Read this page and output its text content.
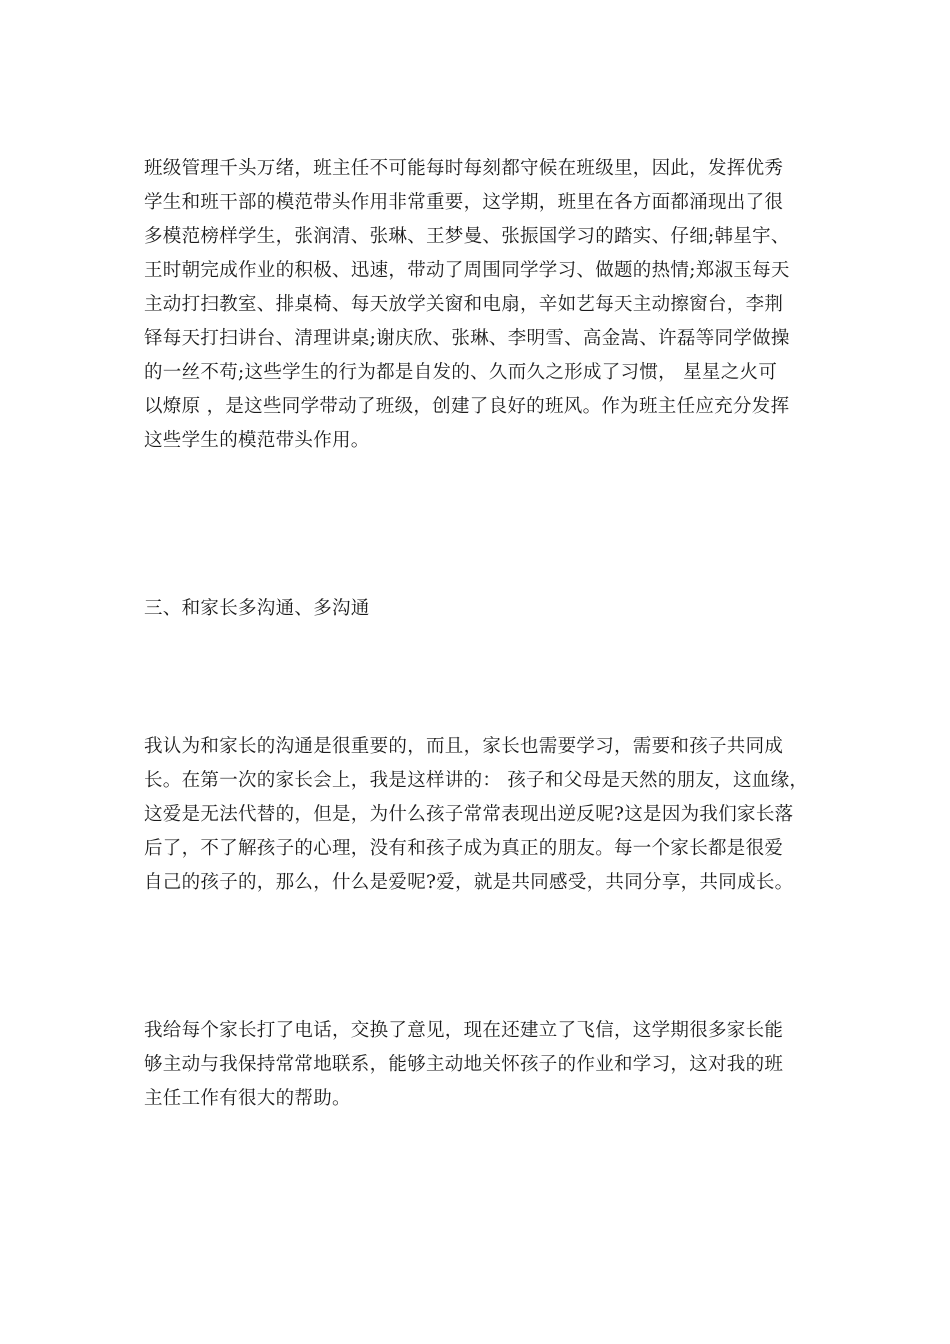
班级管理千头万绪，班主任不可能每时每刻都守候在班级里，因此，发挥优秀
学生和班干部的模范带头作用非常重要，这学期，班里在各方面都涌现出了很
多模范榜样学生，张润清、张琳、王梦曼、张振国学习的踏实、仔细;韩星宇、
王时朝完成作业的积极、迅速，带动了周围同学学习、做题的热情;郑淑玉每天
主动打扫教室、排桌椅、每天放学关窗和电扇，辛如艺每天主动擦窗台，李荆
铎每天打扫讲台、清理讲桌;谢庆欣、张琳、李明雪、高金嵩、许磊等同学做操
的一丝不苟;这些学生的行为都是自发的、久而久之形成了习惯， 星星之火可
以燎原 ，是这些同学带动了班级，创建了良好的班风。作为班主任应充分发挥
这些学生的模范带头作用。
三、和家长多沟通、多沟通
我认为和家长的沟通是很重要的，而且，家长也需要学习，需要和孩子共同成
长。在第一次的家长会上，我是这样讲的： 孩子和父母是天然的朋友，这血缘，
这爱是无法代替的，但是，为什么孩子常常表现出逆反呢?这是因为我们家长落
后了，不了解孩子的心理，没有和孩子成为真正的朋友。每一个家长都是很爱
自己的孩子的，那么，什么是爱呢?爱，就是共同感受，共同分享，共同成长。
我给每个家长打了电话，交换了意见，现在还建立了飞信，这学期很多家长能
够主动与我保持常常地联系，能够主动地关怀孩子的作业和学习，这对我的班
主任工作有很大的帮助。
